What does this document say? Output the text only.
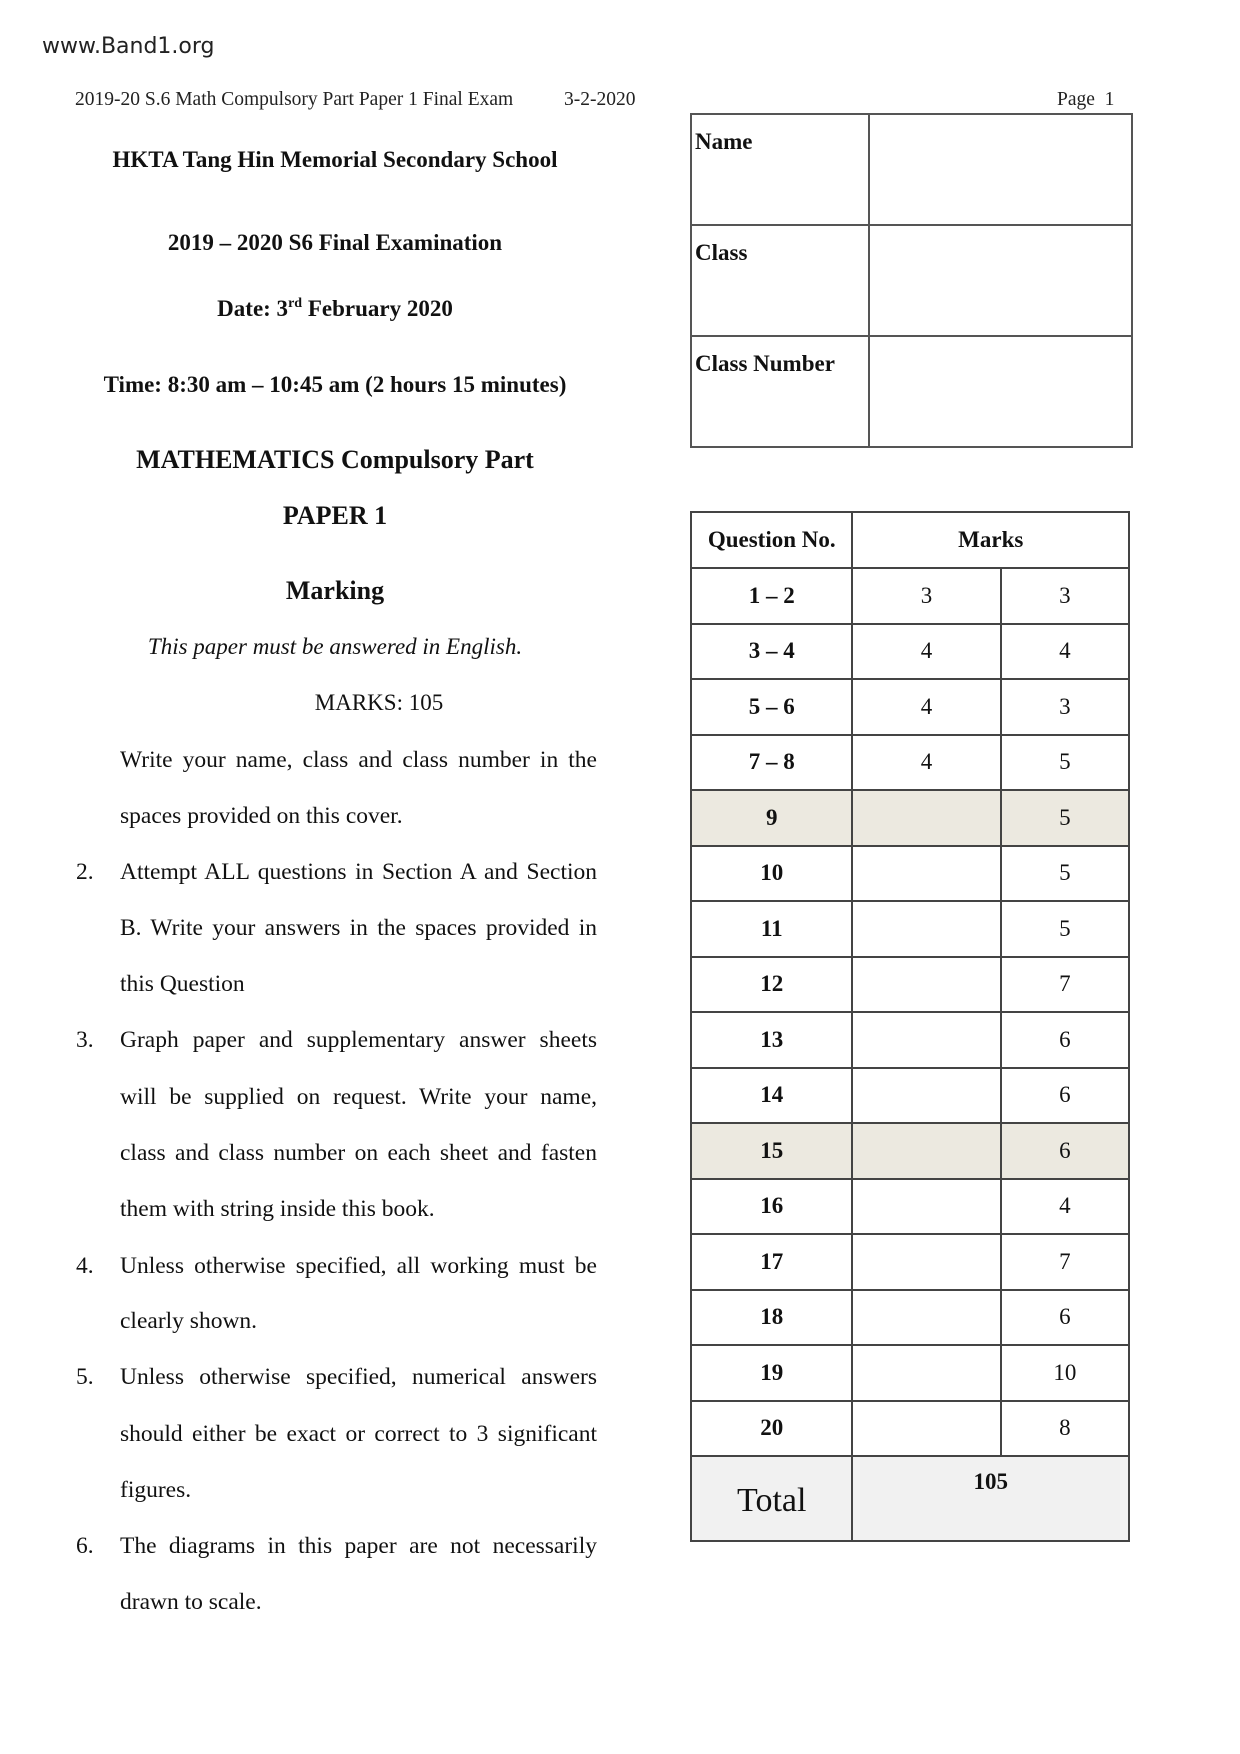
www.Band1.org
2019-20 S.6 Math Compulsory Part Paper 1 Final Exam	3-2-2020	Page  1
HKTA Tang Hin Memorial Secondary School
2019 – 2020 S6 Final Examination
Date: 3rd February 2020
Time: 8:30 am – 10:45 am (2 hours 15 minutes)
MATHEMATICS Compulsory Part
PAPER 1
Marking
This paper must be answered in English.
MARKS: 105
Write your name, class and class number in the
spaces provided on this cover.
2. Attempt ALL questions in Section A and Section
B. Write your answers in the spaces provided in
this Question
3. Graph paper and supplementary answer sheets
will be supplied on request. Write your name,
class and class number on each sheet and fasten
them with string inside this book.
4. Unless otherwise specified, all working must be
clearly shown.
5. Unless otherwise specified, numerical answers
should either be exact or correct to 3 significant
figures.
6. The diagrams in this paper are not necessarily
drawn to scale.
Name	
Class	
Class Number	
Question No.	Marks	
1 – 2	3	3
3 – 4	4	4
5 – 6	4	3
7 – 8	4	5
9		5
10		5
11		5
12		7
13		6
14		6
15		6
16		4
17		7
18		6
19		10
20		8
Total	105	
